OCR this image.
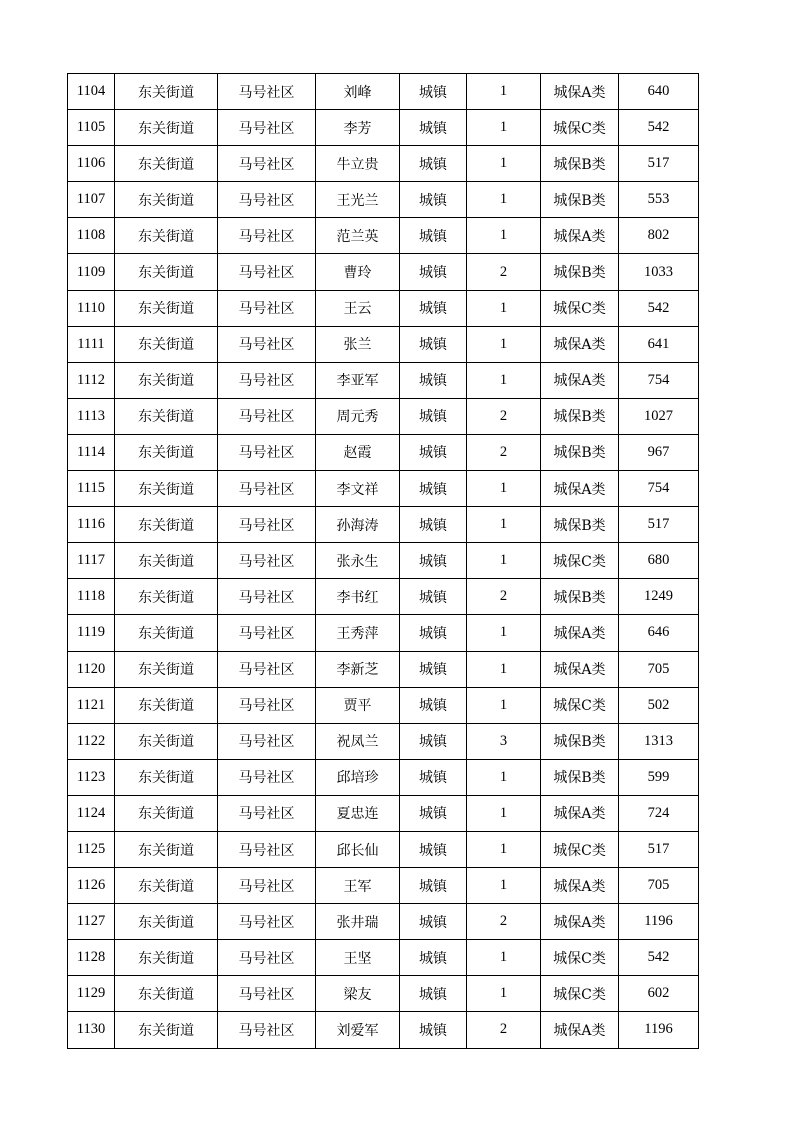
1104	东关街道	马号社区	刘峰	城镇	1	城保A类	640
1105	东关街道	马号社区	李芳	城镇	1	城保C类	542
1106	东关街道	马号社区	牛立贵	城镇	1	城保B类	517
1107	东关街道	马号社区	王光兰	城镇	1	城保B类	553
1108	东关街道	马号社区	范兰英	城镇	1	城保A类	802
1109	东关街道	马号社区	曹玲	城镇	2	城保B类	1033
1110	东关街道	马号社区	王云	城镇	1	城保C类	542
1111	东关街道	马号社区	张兰	城镇	1	城保A类	641
1112	东关街道	马号社区	李亚军	城镇	1	城保A类	754
1113	东关街道	马号社区	周元秀	城镇	2	城保B类	1027
1114	东关街道	马号社区	赵霞	城镇	2	城保B类	967
1115	东关街道	马号社区	李文祥	城镇	1	城保A类	754
1116	东关街道	马号社区	孙海涛	城镇	1	城保B类	517
1117	东关街道	马号社区	张永生	城镇	1	城保C类	680
1118	东关街道	马号社区	李书红	城镇	2	城保B类	1249
1119	东关街道	马号社区	王秀萍	城镇	1	城保A类	646
1120	东关街道	马号社区	李新芝	城镇	1	城保A类	705
1121	东关街道	马号社区	贾平	城镇	1	城保C类	502
1122	东关街道	马号社区	祝凤兰	城镇	3	城保B类	1313
1123	东关街道	马号社区	邱培珍	城镇	1	城保B类	599
1124	东关街道	马号社区	夏忠连	城镇	1	城保A类	724
1125	东关街道	马号社区	邱长仙	城镇	1	城保C类	517
1126	东关街道	马号社区	王军	城镇	1	城保A类	705
1127	东关街道	马号社区	张井瑞	城镇	2	城保A类	1196
1128	东关街道	马号社区	王坚	城镇	1	城保C类	542
1129	东关街道	马号社区	梁友	城镇	1	城保C类	602
1130	东关街道	马号社区	刘爱军	城镇	2	城保A类	1196
